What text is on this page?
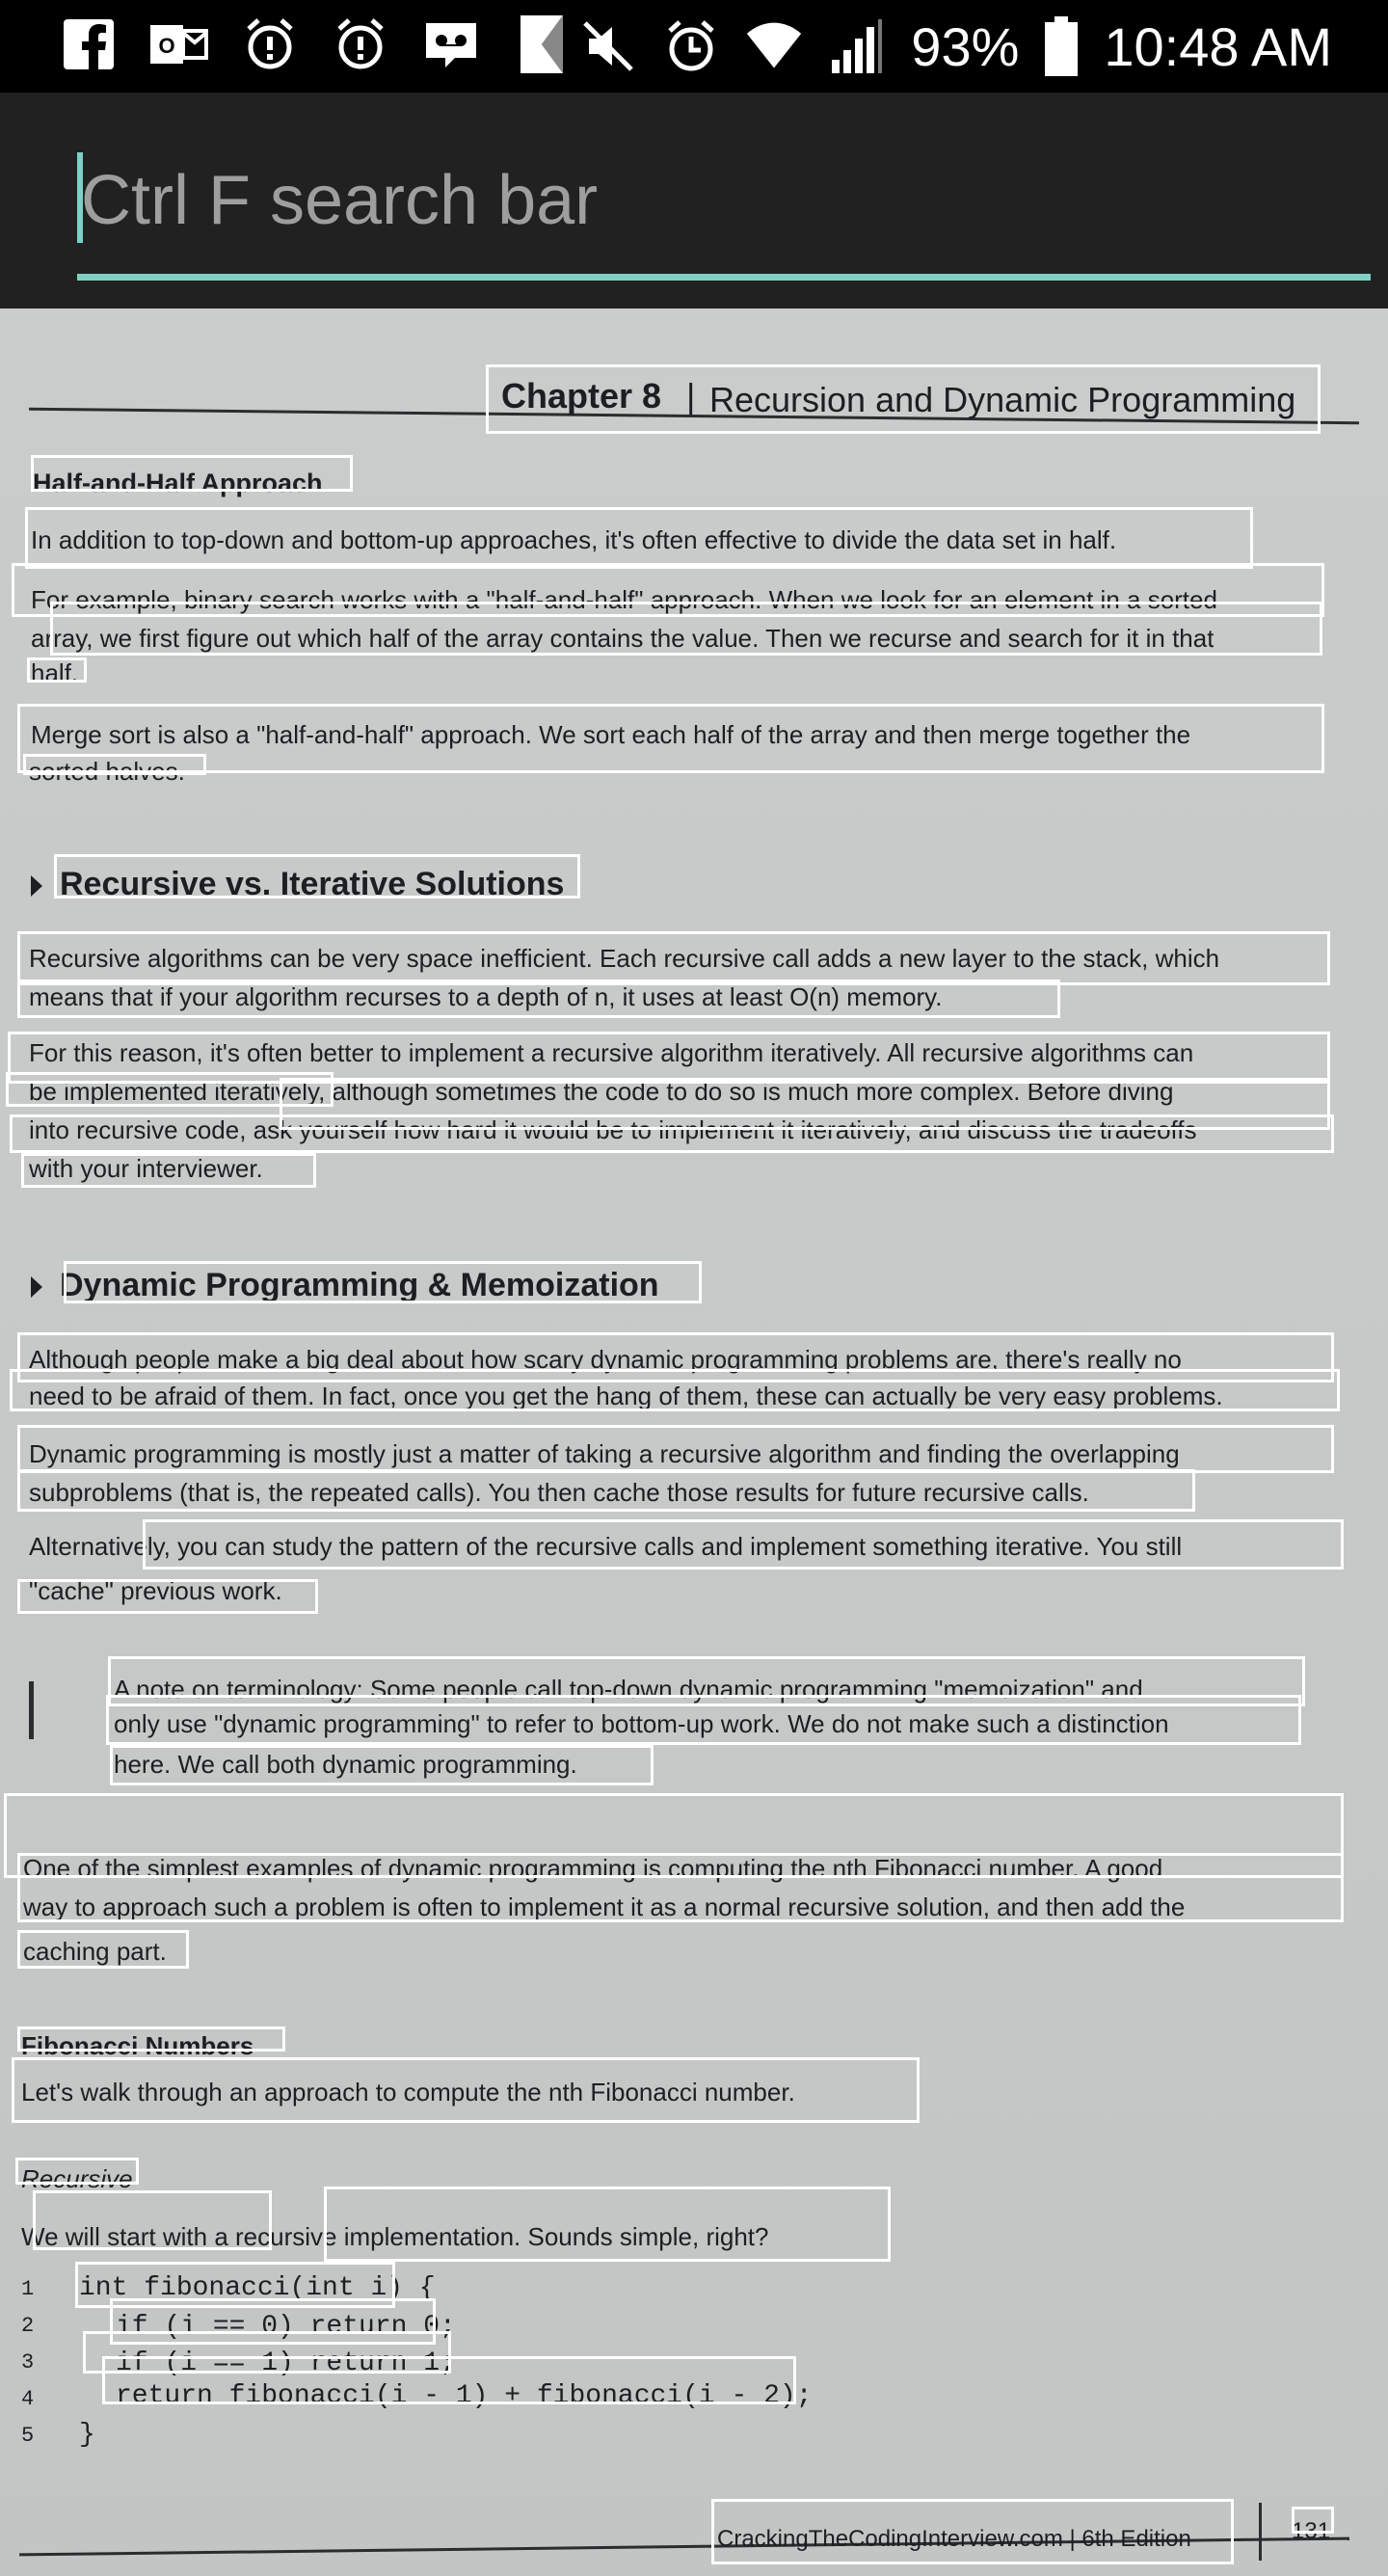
O	93% 10:48 AM
Ctrl F search bar
Chapter 8 | Recursion and Dynamic Programming
Half-and-Half Approach
In addition to top-down and bottom-up approaches, it's often effective to divide the data set in half.
For example, binary search works with a "half-and-half" approach. When we look for an element in a sorted
array, we first figure out which half of the array contains the value. Then we recurse and search for it in that
half.
Merge sort is also a "half-and-half" approach. We sort each half of the array and then merge together the
sorted halves.
Recursive vs. Iterative Solutions
Recursive algorithms can be very space inefficient. Each recursive call adds a new layer to the stack, which
means that if your algorithm recurses to a depth of n, it uses at least O(n) memory.
For this reason, it's often better to implement a recursive algorithm iteratively. All recursive algorithms can
be implemented iteratively, although sometimes the code to do so is much more complex. Before diving
into recursive code, ask yourself how hard it would be to implement it iteratively, and discuss the tradeoffs
with your interviewer.
Dynamic Programming & Memoization
Although people make a big deal about how scary dynamic programming problems are, there's really no
need to be afraid of them. In fact, once you get the hang of them, these can actually be very easy problems.
Dynamic programming is mostly just a matter of taking a recursive algorithm and finding the overlapping
subproblems (that is, the repeated calls). You then cache those results for future recursive calls.
Alternatively, you can study the pattern of the recursive calls and implement something iterative. You still
"cache" previous work.
A note on terminology: Some people call top-down dynamic programming "memoization" and
only use "dynamic programming" to refer to bottom-up work. We do not make such a distinction
here. We call both dynamic programming.
One of the simplest examples of dynamic programming is computing the nth Fibonacci number. A good
way to approach such a problem is often to implement it as a normal recursive solution, and then add the
caching part.
Fibonacci Numbers
Let's walk through an approach to compute the nth Fibonacci number.
Recursive
We will start with a recursive implementation. Sounds simple, right?
1 int fibonacci(int i) {
2	if (i == 0) return 0;
3	if (i == 1) return 1;
4	return fibonacci(i - 1) + fibonacci(i - 2);
5 }
CrackingTheCodingInterview.com | 6th Edition	131
